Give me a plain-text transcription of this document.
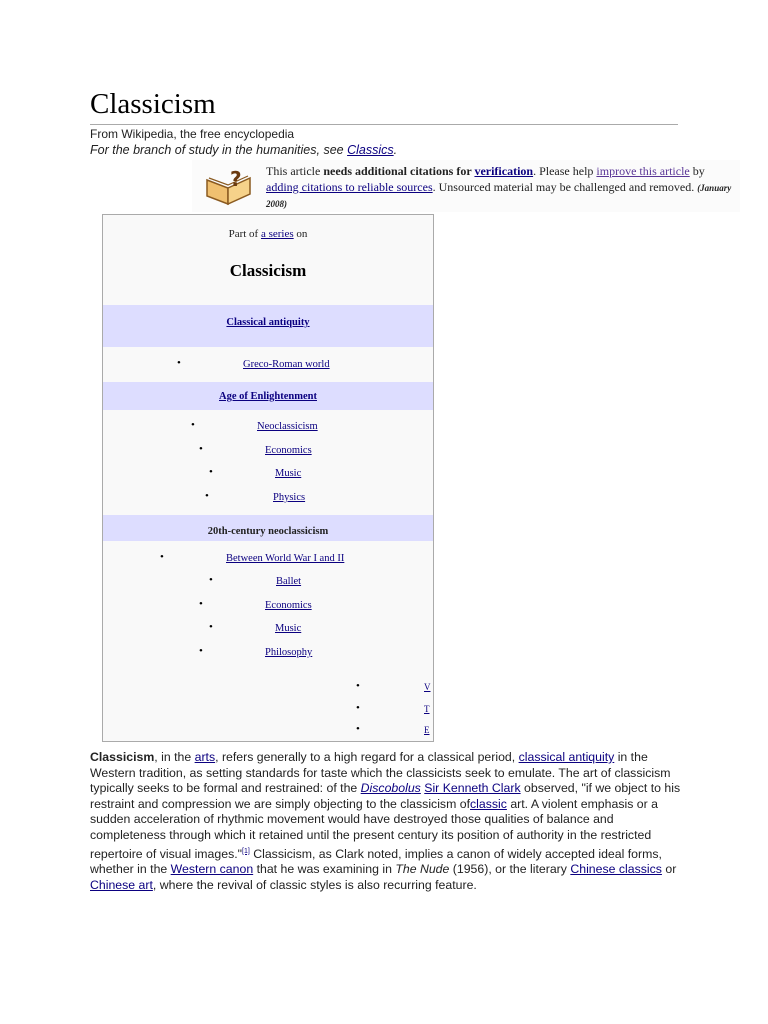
Classicism
From Wikipedia, the free encyclopedia
For the branch of study in the humanities, see Classics.
? This article needs additional citations for verification. Please help improve this article by adding citations to reliable sources. Unsourced material may be challenged and removed. (January 2008)
Part of a series on
Classicism
Classical antiquity
•	Greco-Roman world
Age of Enlightenment
•	Neoclassicism
•	Economics
•	Music
•	Physics
20th-century neoclassicism
•	Between World War I and II
•	Ballet
•	Economics
•	Music
•	Philosophy
•	V
•	T
•	E

Classicism, in the arts, refers generally to a high regard for a classical period, classical antiquity in the Western tradition, as setting standards for taste which the classicists seek to emulate. The art of classicism typically seeks to be formal and restrained: of the Discobolus Sir Kenneth Clark observed, "if we object to his restraint and compression we are simply objecting to the classicism ofclassic art. A violent emphasis or a sudden acceleration of rhythmic movement would have destroyed those qualities of balance and completeness through which it retained until the present century its position of authority in the restricted repertoire of visual images."[1] Classicism, as Clark noted, implies a canon of widely accepted ideal forms, whether in the Western canon that he was examining in The Nude (1956), or the literary Chinese classics or Chinese art, where the revival of classic styles is also recurring feature.
